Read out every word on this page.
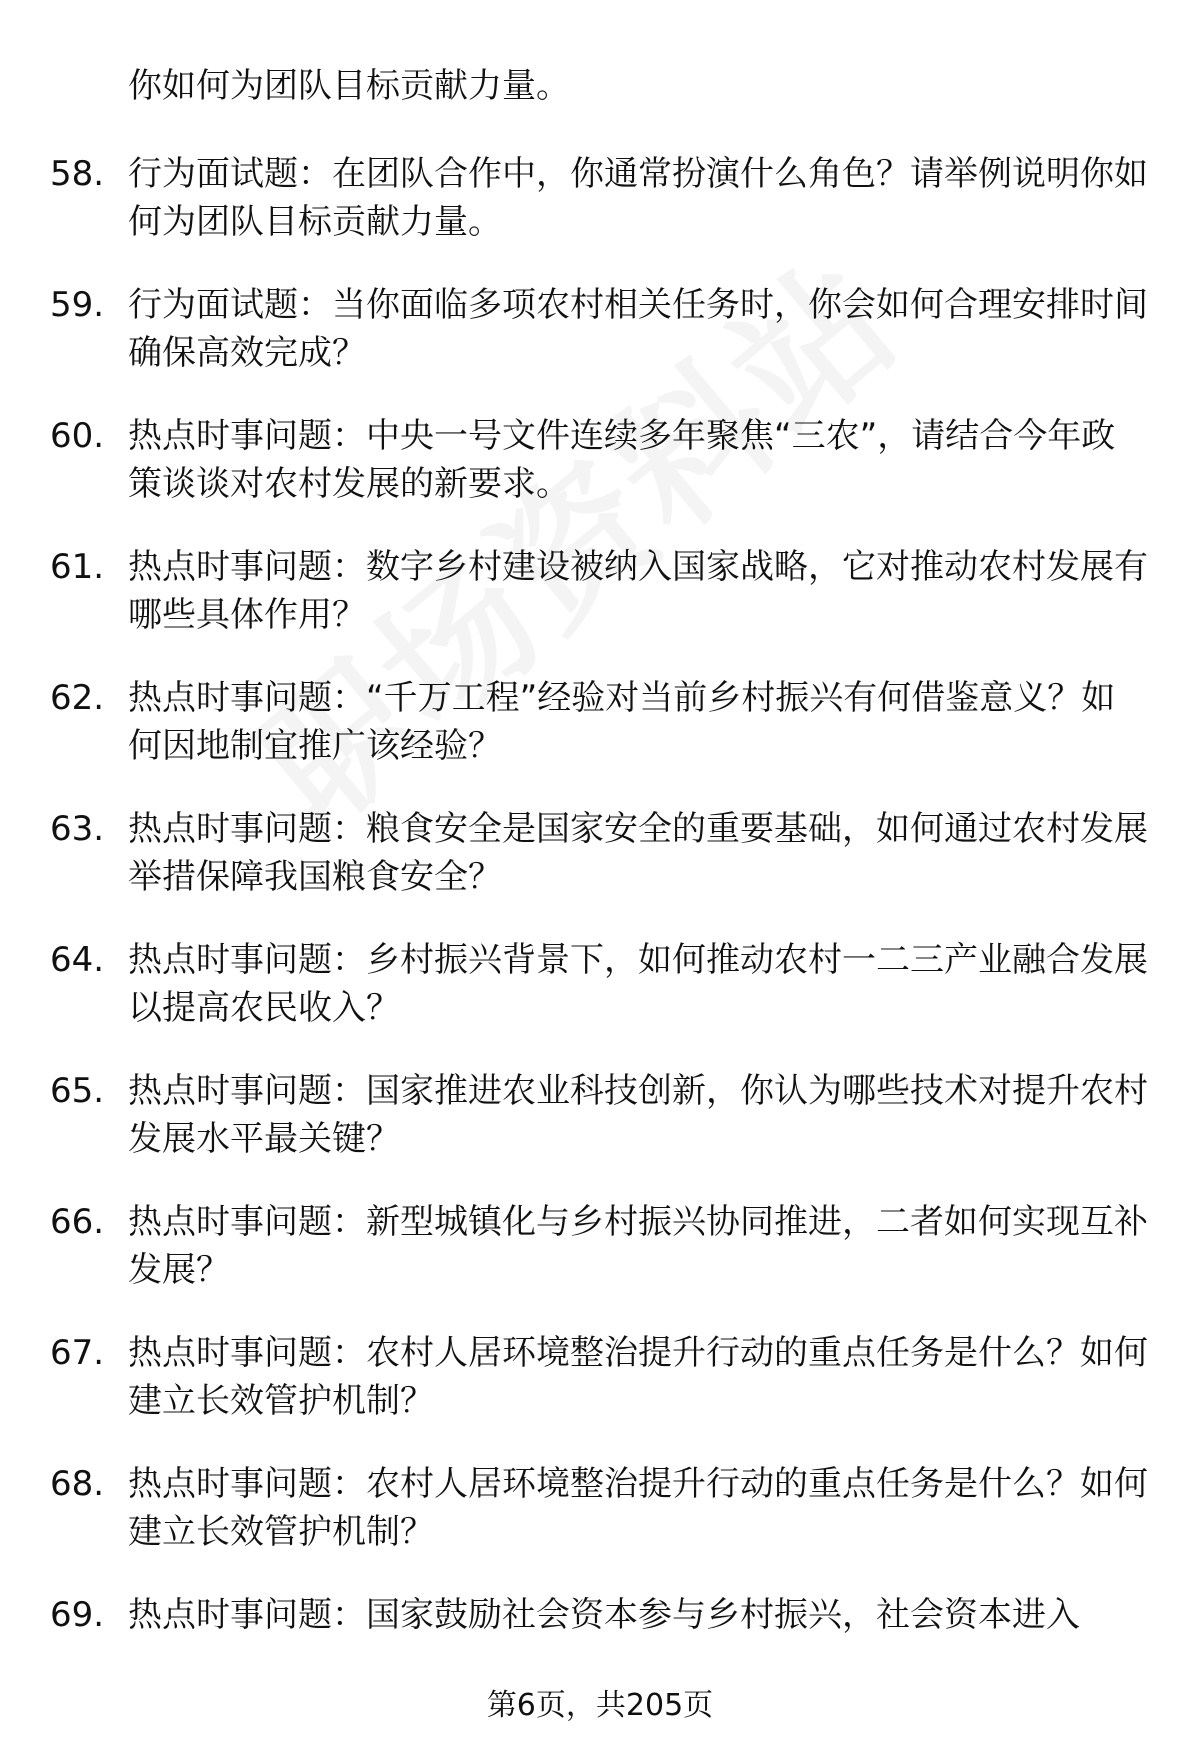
你如何为团队目标贡献力量。
58. 行为面试题：在团队合作中，你通常扮演什么角色？请举例说明你如何为团队目标贡献力量。
59. 行为面试题：当你面临多项农村相关任务时，你会如何合理安排时间确保高效完成？
60. 热点时事问题：中央一号文件连续多年聚焦“三农”，请结合今年政策谈谈对农村发展的新要求。
61. 热点时事问题：数字乡村建设被纳入国家战略，它对推动农村发展有哪些具体作用？
62. 热点时事问题：“千万工程”经验对当前乡村振兴有何借鉴意义？如何因地制宜推广该经验？
63. 热点时事问题：粮食安全是国家安全的重要基础，如何通过农村发展举措保障我国粮食安全？
64. 热点时事问题：乡村振兴背景下，如何推动农村一二三产业融合发展以提高农民收入？
65. 热点时事问题：国家推进农业科技创新，你认为哪些技术对提升农村发展水平最关键？
66. 热点时事问题：新型城镇化与乡村振兴协同推进，二者如何实现互补发展？
67. 热点时事问题：农村人居环境整治提升行动的重点任务是什么？如何建立长效管护机制？
68. 热点时事问题：农村人居环境整治提升行动的重点任务是什么？如何建立长效管护机制？
69. 热点时事问题：国家鼓励社会资本参与乡村振兴，社会资本进入
第6页，共205页
